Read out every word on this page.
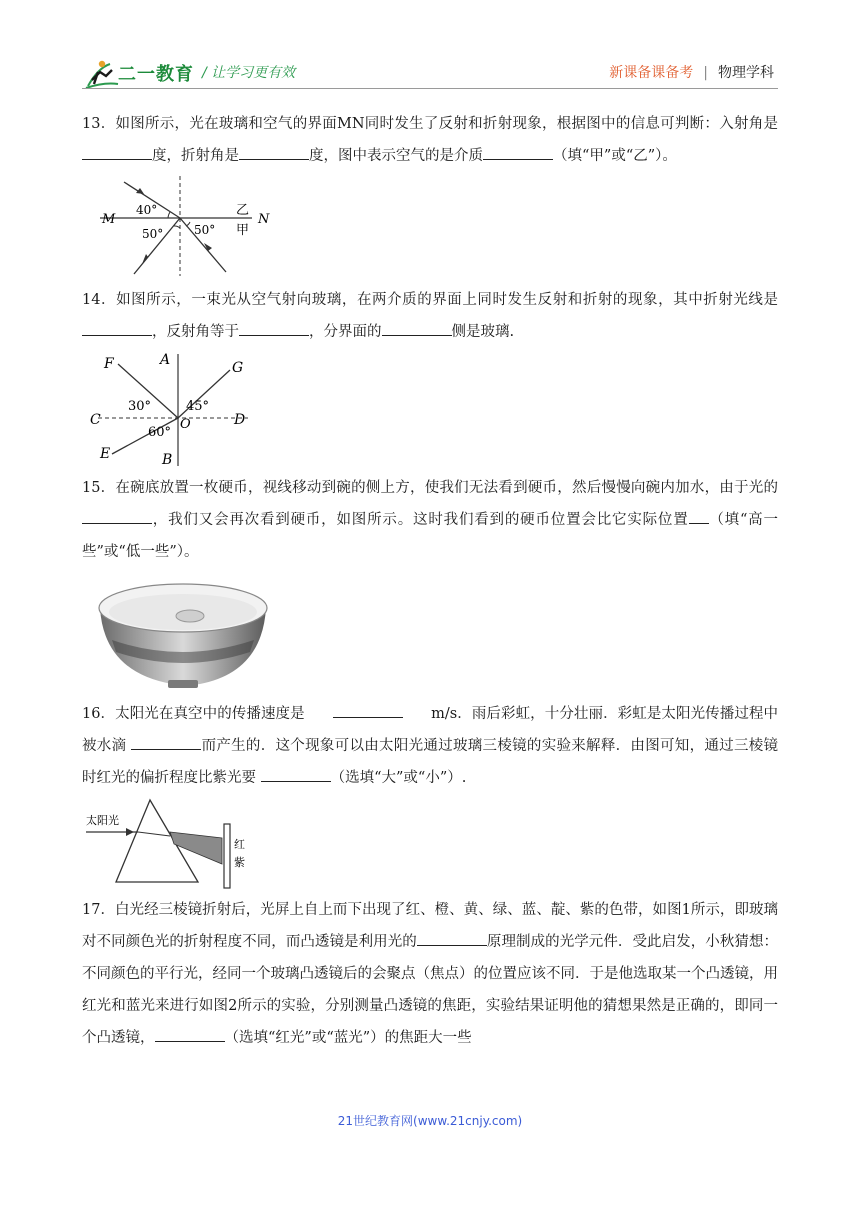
二一教育 / 让学习更有效	新课备课备考 | 物理学科

13．如图所示，光在玻璃和空气的界面MN同时发生了反射和折射现象，根据图中的信息可判断：入射角是度，折射角是	度，图中表示空气的是介质	（填“甲”或“乙”）。

M
40°
50°	50°
乙
甲
N

14．如图所示，一束光从空气射向玻璃，在两介质的界面上同时发生反射和折射的现象，其中折射光线是，反射角等于	，分界面的	侧是玻璃.

F	A	G
30°	45°
C	O	D
60°
E	B

15．在碗底放置一枚硬币，视线移动到碗的侧上方，使我们无法看到硬币，然后慢慢向碗内加水，由于光的，我们又会再次看到硬币，如图所示。这时我们看到的硬币位置会比它实际位置 （填“高一些”或“低一些”）。

16．太阳光在真空中的传播速度是	m/s．雨后彩虹，十分壮丽．彩虹是太阳光传播过程中被水滴	而产生的．这个现象可以由太阳光通过玻璃三棱镜的实验来解释．由图可知，通过三棱镜时红光的偏折程度比紫光要	（选填“大”或“小”）.

太阳光
红
紫

17．白光经三棱镜折射后，光屏上自上而下出现了红、橙、黄、绿、蓝、靛、紫的色带，如图1所示，即玻璃对不同颜色光的折射程度不同，而凸透镜是利用光的	原理制成的光学元件．受此启发，小秋猜想：不同颜色的平行光，经同一个玻璃凸透镜后的会聚点（焦点）的位置应该不同．于是他选取某一个凸透镜，用红光和蓝光来进行如图2所示的实验，分别测量凸透镜的焦距，实验结果证明他的猜想果然是正确的，即同一个凸透镜，	（选填“红光”或“蓝光”）的焦距大一些

21世纪教育网(www.21cnjy.com)
